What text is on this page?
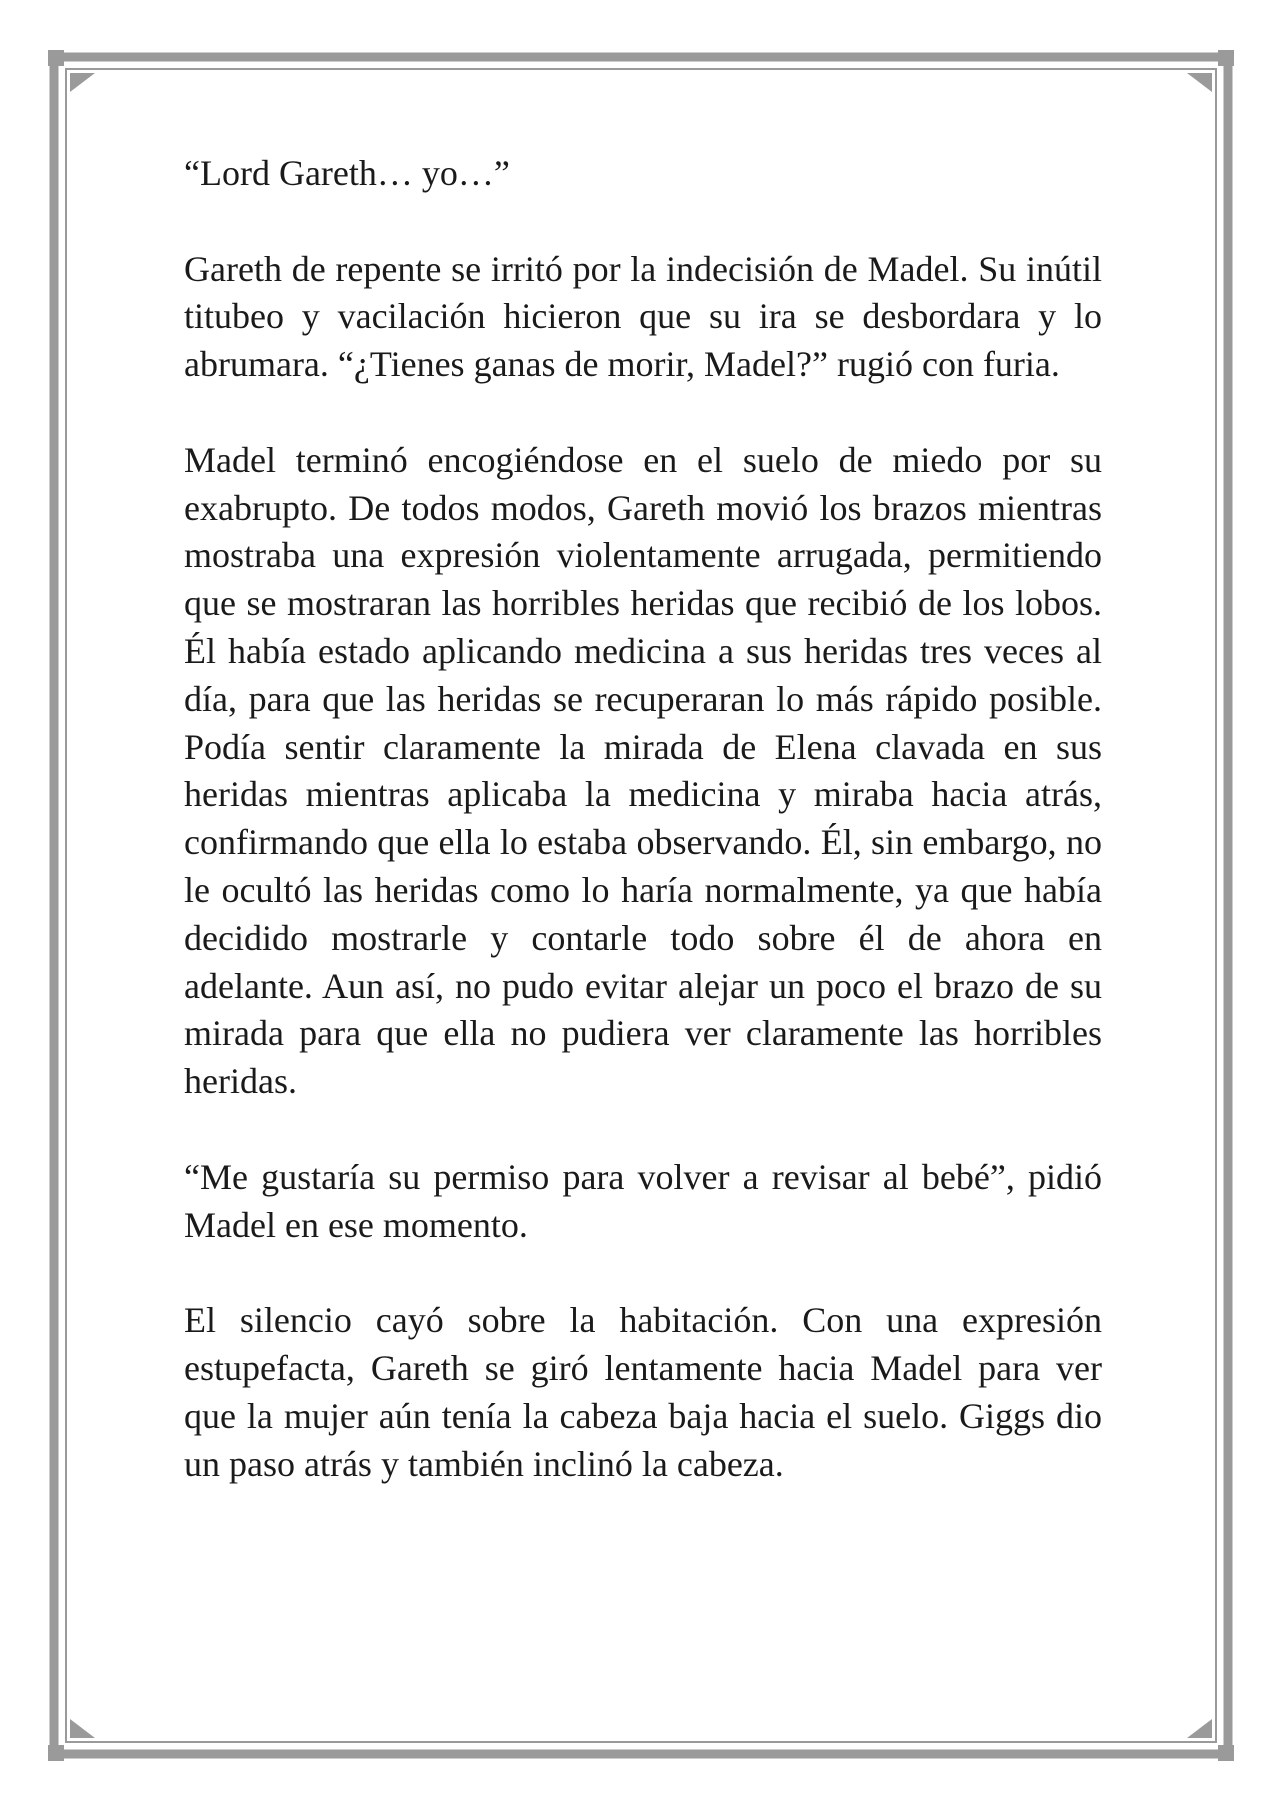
“Lord Gareth… yo…”

Gareth de repente se irritó por la indecisión de Madel. Su inútil titubeo y vacilación hicieron que su ira se desbordara y lo abrumara. “¿Tienes ganas de morir, Madel?” rugió con furia.

Madel terminó encogiéndose en el suelo de miedo por su exabrupto. De todos modos, Gareth movió los brazos mientras mostraba una expresión violentamente arrugada, permitiendo que se mostraran las horribles heridas que recibió de los lobos. Él había estado aplicando medicina a sus heridas tres veces al día, para que las heridas se recuperaran lo más rápido posible. Podía sentir claramente la mirada de Elena clavada en sus heridas mientras aplicaba la medicina y miraba hacia atrás, confirmando que ella lo estaba observando. Él, sin embargo, no le ocultó las heridas como lo haría normalmente, ya que había decidido mostrarle y contarle todo sobre él de ahora en adelante. Aun así, no pudo evitar alejar un poco el brazo de su mirada para que ella no pudiera ver claramente las horribles heridas.

“Me gustaría su permiso para volver a revisar al bebé”, pidió Madel en ese momento.

El silencio cayó sobre la habitación. Con una expresión estupefacta, Gareth se giró lentamente hacia Madel para ver que la mujer aún tenía la cabeza baja hacia el suelo. Giggs dio un paso atrás y también inclinó la cabeza.
